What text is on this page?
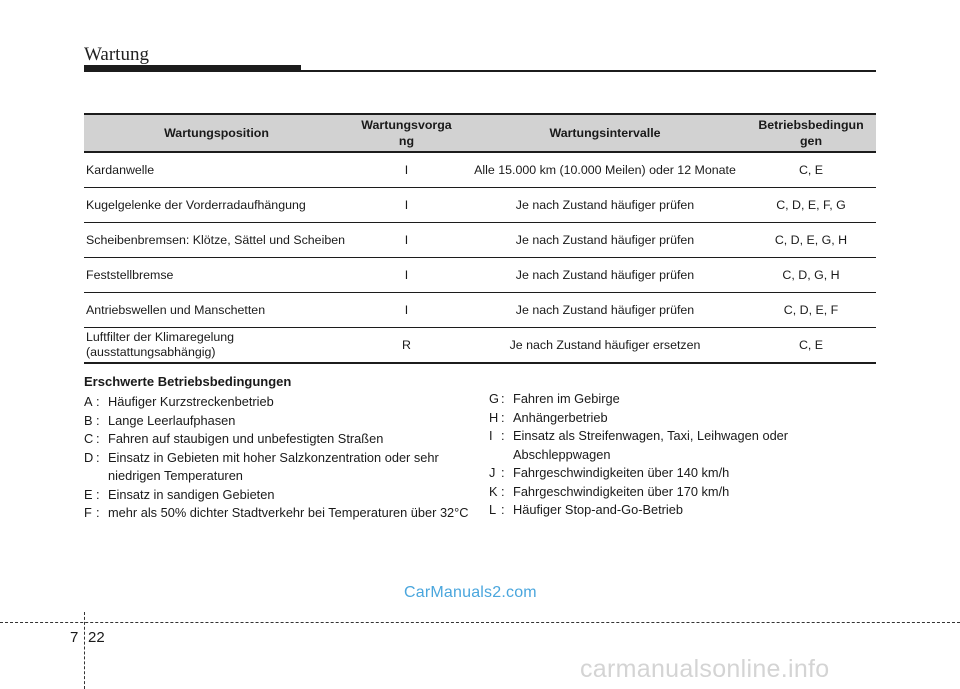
Wartung
Wartungsposition	Wartungsvorga ng	Wartungsintervalle	Betriebsbedingun gen
Kardanwelle	I	Alle 15.000 km (10.000 Meilen) oder 12 Monate	C, E
Kugelgelenke der Vorderradaufhängung	I	Je nach Zustand häufiger prüfen	C, D, E, F, G
Scheibenbremsen: Klötze, Sättel und Scheiben	I	Je nach Zustand häufiger prüfen	C, D, E, G, H
Feststellbremse	I	Je nach Zustand häufiger prüfen	C, D, G, H
Antriebswellen und Manschetten	I	Je nach Zustand häufiger prüfen	C, D, E, F
Luftfilter der Klimaregelung (ausstattungsabhängig)	R	Je nach Zustand häufiger ersetzen	C, E
Erschwerte Betriebsbedingungen
A : Häufiger Kurzstreckenbetrieb
B : Lange Leerlaufphasen
C : Fahren auf staubigen und unbefestigten Straßen
D : Einsatz in Gebieten mit hoher Salzkonzentration oder sehr niedrigen Temperaturen
E : Einsatz in sandigen Gebieten
F : mehr als 50% dichter Stadtverkehr bei Temperaturen über 32°C
G : Fahren im Gebirge
H : Anhängerbetrieb
I : Einsatz als Streifenwagen, Taxi, Leihwagen oder Abschleppwagen
J : Fahrgeschwindigkeiten über 140 km/h
K : Fahrgeschwindigkeiten über 170 km/h
L : Häufiger Stop-and-Go-Betrieb
CarManuals2.com
7 22
carmanualsonline.info
